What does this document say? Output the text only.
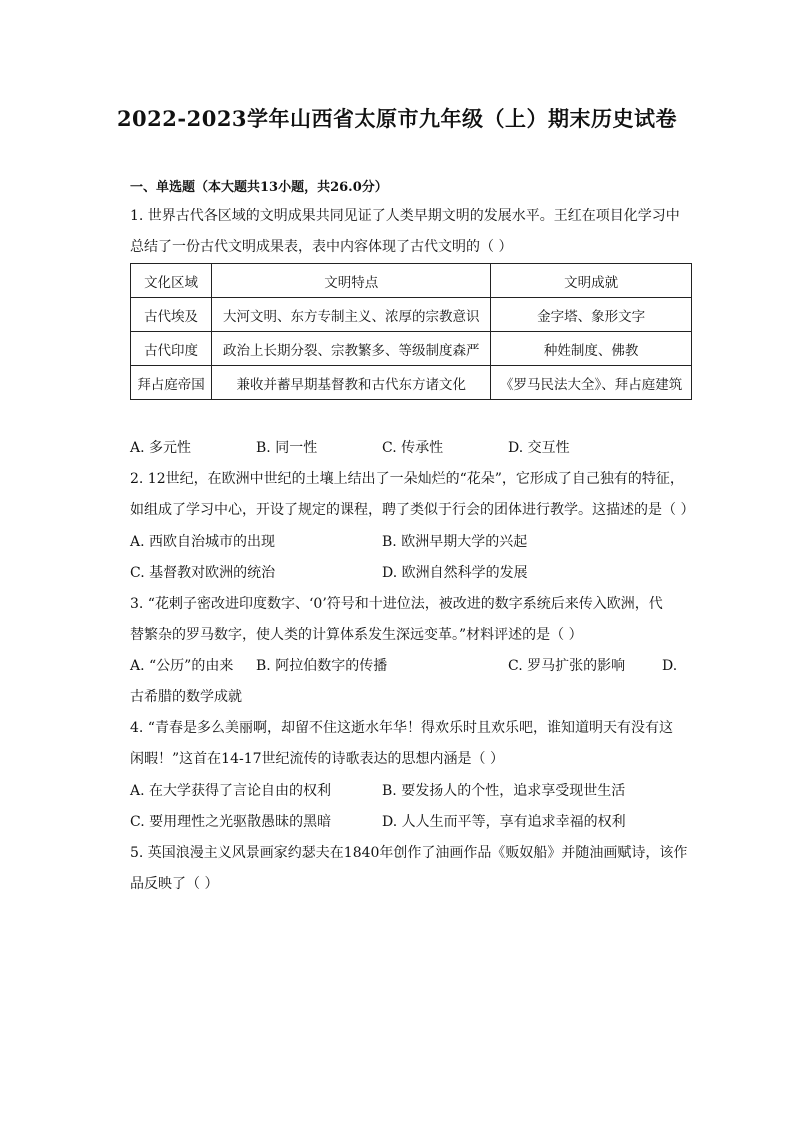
2022-2023学年山西省太原市九年级（上）期末历史试卷
一、单选题（本大题共13小题，共26.0分）
1. 世界古代各区域的文明成果共同见证了人类早期文明的发展水平。王红在项目化学习中
总结了一份古代文明成果表，表中内容体现了古代文明的（ ）
文化区域	文明特点	文明成就
古代埃及	大河文明、东方专制主义、浓厚的宗教意识	金字塔、象形文字
古代印度	政治上长期分裂、宗教繁多、等级制度森严	种姓制度、佛教
拜占庭帝国	兼收并蓄早期基督教和古代东方诸文化	《罗马民法大全》、拜占庭建筑
A. 多元性	B. 同一性	C. 传承性	D. 交互性
2. 12世纪，在欧洲中世纪的土壤上结出了一朵灿烂的“花朵”，它形成了自己独有的特征，
如组成了学习中心，开设了规定的课程，聘了类似于行会的团体进行教学。这描述的是（ ）
A. 西欧自治城市的出现	B. 欧洲早期大学的兴起
C. 基督教对欧洲的统治	D. 欧洲自然科学的发展
3. “花剌子密改进印度数字、‘0’符号和十进位法，被改进的数字系统后来传入欧洲，代
替繁杂的罗马数字，使人类的计算体系发生深远变革。”材料评述的是（ ）
A. “公历”的由来 B. 阿拉伯数字的传播	C. 罗马扩张的影响	D.
古希腊的数学成就
4. “青春是多么美丽啊，却留不住这逝水年华！得欢乐时且欢乐吧，谁知道明天有没有这
闲暇！”这首在14-17世纪流传的诗歌表达的思想内涵是（ ）
A. 在大学获得了言论自由的权利	B. 要发扬人的个性，追求享受现世生活
C. 要用理性之光驱散愚昧的黑暗	D. 人人生而平等，享有追求幸福的权利
5. 英国浪漫主义风景画家约瑟夫在1840年创作了油画作品《贩奴船》并随油画赋诗，该作
品反映了（ ）
